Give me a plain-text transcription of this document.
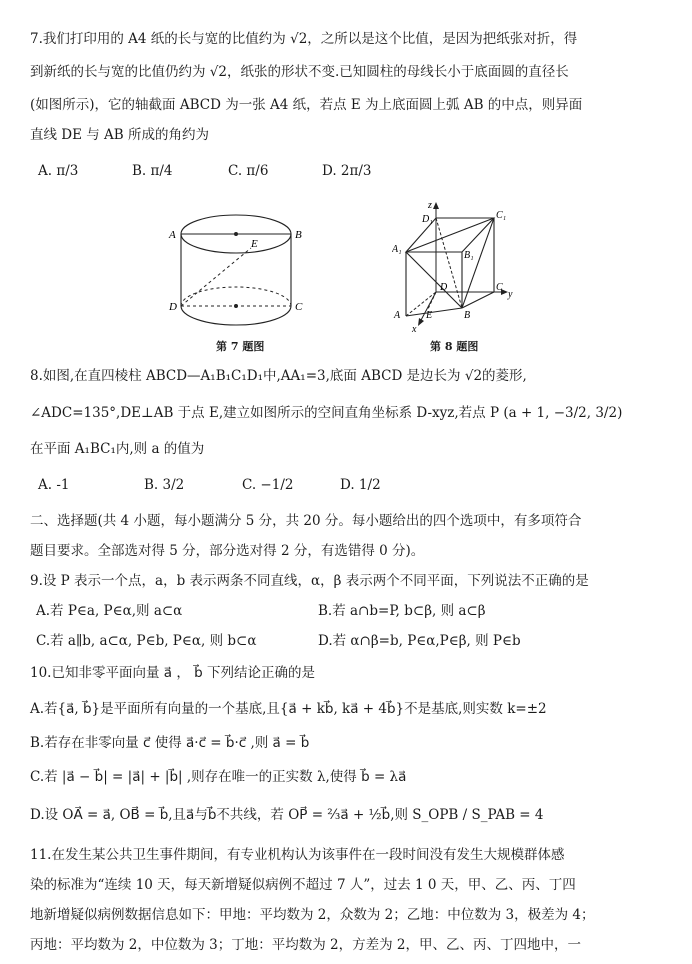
7.我们打印用的 A4 纸的长与宽的比值约为 √2，之所以是这个比值，是因为把纸张对折，得
到新纸的长与宽的比值仍约为 √2，纸张的形状不变.已知圆柱的母线长小于底面圆的直径长
(如图所示)，它的轴截面 ABCD 为一张 A4 纸，若点 E 为上底面圆上弧 AB 的中点，则异面
直线 DE 与 AB 所成的角约为
A. π/3	B. π/4	C. π/6	D. 2π/3
A	B
E
D	C
第 7 题图
z
D₁	C₁
A₁
B₁
D	C
y
A	E	B
x
第 8 题图
8.如图,在直四棱柱 ABCD—A₁B₁C₁D₁中,AA₁=3,底面 ABCD 是边长为 √2的菱形,
∠ADC=135°,DE⊥AB 于点 E,建立如图所示的空间直角坐标系 D-xyz,若点 P (a + 1, −3/2, 3/2)
在平面 A₁BC₁内,则 a 的值为
A. -1	B. 3/2	C. −1/2	D. 1/2
二、选择题(共 4 小题，每小题满分 5 分，共 20 分。每小题给出的四个选项中，有多项符合
题目要求。全部选对得 5 分，部分选对得 2 分，有选错得 0 分)。
9.设 P 表示一个点，a，b 表示两条不同直线，α，β 表示两个不同平面，下列说法不正确的是
A.若 P∈a, P∈α,则 a⊂α	B.若 a∩b=P, b⊂β, 则 a⊂β
C.若 a∥b, a⊂α, P∈b, P∈α, 则 b⊂α	D.若 α∩β=b, P∈α,P∈β, 则 P∈b
10.已知非零平面向量 a⃗ ， b⃗ 下列结论正确的是
A.若{a⃗, b⃗}是平面所有向量的一个基底,且{a⃗ + kb⃗, ka⃗ + 4b⃗}不是基底,则实数 k=±2
B.若存在非零向量 c⃗ 使得 a⃗·c⃗ = b⃗·c⃗ ,则 a⃗ = b⃗
C.若 |a⃗ − b⃗| = |a⃗| + |b⃗| ,则存在唯一的正实数 λ,使得 b⃗ = λa⃗
D.设 OA⃗ = a⃗, OB⃗ = b⃗,且a⃗与b⃗不共线，若 OP⃗ = ⅔a⃗ + ½b⃗,则 S_OPB / S_PAB = 4
11.在发生某公共卫生事件期间，有专业机构认为该事件在一段时间没有发生大规模群体感
染的标准为“连续 10 天，每天新增疑似病例不超过 7 人”，过去 1 0 天，甲、乙、丙、丁四
地新增疑似病例数据信息如下：甲地：平均数为 2，众数为 2；乙地：中位数为 3，极差为 4；
丙地：平均数为 2，中位数为 3；丁地：平均数为 2，方差为 2，甲、乙、丙、丁四地中，一
